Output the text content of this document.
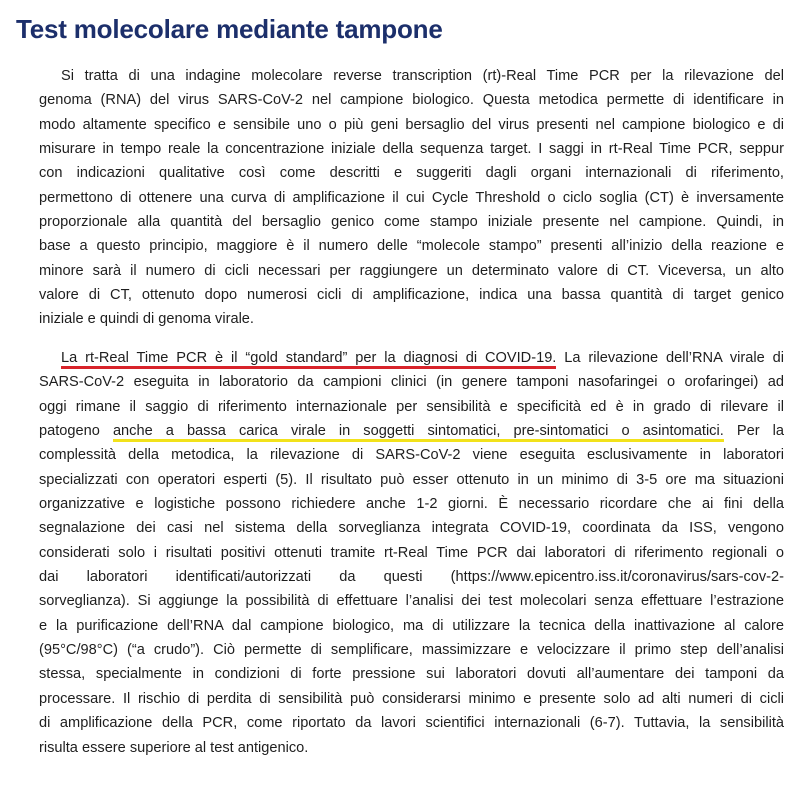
Test molecolare mediante tampone
Si tratta di una indagine molecolare reverse transcription (rt)-Real Time PCR per la rilevazione del
genoma (RNA) del virus SARS-CoV-2 nel campione biologico. Questa metodica permette di identificare in
modo altamente specifico e sensibile uno o più geni bersaglio del virus presenti nel campione biologico e di
misurare in tempo reale la concentrazione iniziale della sequenza target. I saggi in rt-Real Time PCR, seppur
con indicazioni qualitative così come descritti e suggeriti dagli organi internazionali di riferimento,
permettono di ottenere una curva di amplificazione il cui Cycle Threshold o ciclo soglia (CT) è inversamente
proporzionale alla quantità del bersaglio genico come stampo iniziale presente nel campione. Quindi, in
base a questo principio, maggiore è il numero delle “molecole stampo” presenti all’inizio della reazione e
minore sarà il numero di cicli necessari per raggiungere un determinato valore di CT. Viceversa, un alto
valore di CT, ottenuto dopo numerosi cicli di amplificazione, indica una bassa quantità di target genico
iniziale e quindi di genoma virale.
La rt-Real Time PCR è il “gold standard” per la diagnosi di COVID-19. La rilevazione dell’RNA virale di
SARS-CoV-2 eseguita in laboratorio da campioni clinici (in genere tamponi nasofaringei o orofaringei) ad
oggi rimane il saggio di riferimento internazionale per sensibilità e specificità ed è in grado di rilevare il
patogeno anche a bassa carica virale in soggetti sintomatici, pre-sintomatici o asintomatici. Per la
complessità della metodica, la rilevazione di SARS-CoV-2 viene eseguita esclusivamente in laboratori
specializzati con operatori esperti (5). Il risultato può esser ottenuto in un minimo di 3-5 ore ma situazioni
organizzative e logistiche possono richiedere anche 1-2 giorni. È necessario ricordare che ai fini della
segnalazione dei casi nel sistema della sorveglianza integrata COVID-19, coordinata da ISS, vengono
considerati solo i risultati positivi ottenuti tramite rt-Real Time PCR dai laboratori di riferimento regionali o
dai laboratori identificati/autorizzati da questi (https://www.epicentro.iss.it/coronavirus/sars-cov-2-
sorveglianza). Si aggiunge la possibilità di effettuare l’analisi dei test molecolari senza effettuare l’estrazione
e la purificazione dell’RNA dal campione biologico, ma di utilizzare la tecnica della inattivazione al calore
(95°C/98°C) (“a crudo”). Ciò permette di semplificare, massimizzare e velocizzare il primo step dell’analisi
stessa, specialmente in condizioni di forte pressione sui laboratori dovuti all’aumentare dei tamponi da
processare. Il rischio di perdita di sensibilità può considerarsi minimo e presente solo ad alti numeri di cicli
di amplificazione della PCR, come riportato da lavori scientifici internazionali (6-7). Tuttavia, la sensibilità
risulta essere superiore al test antigenico.
